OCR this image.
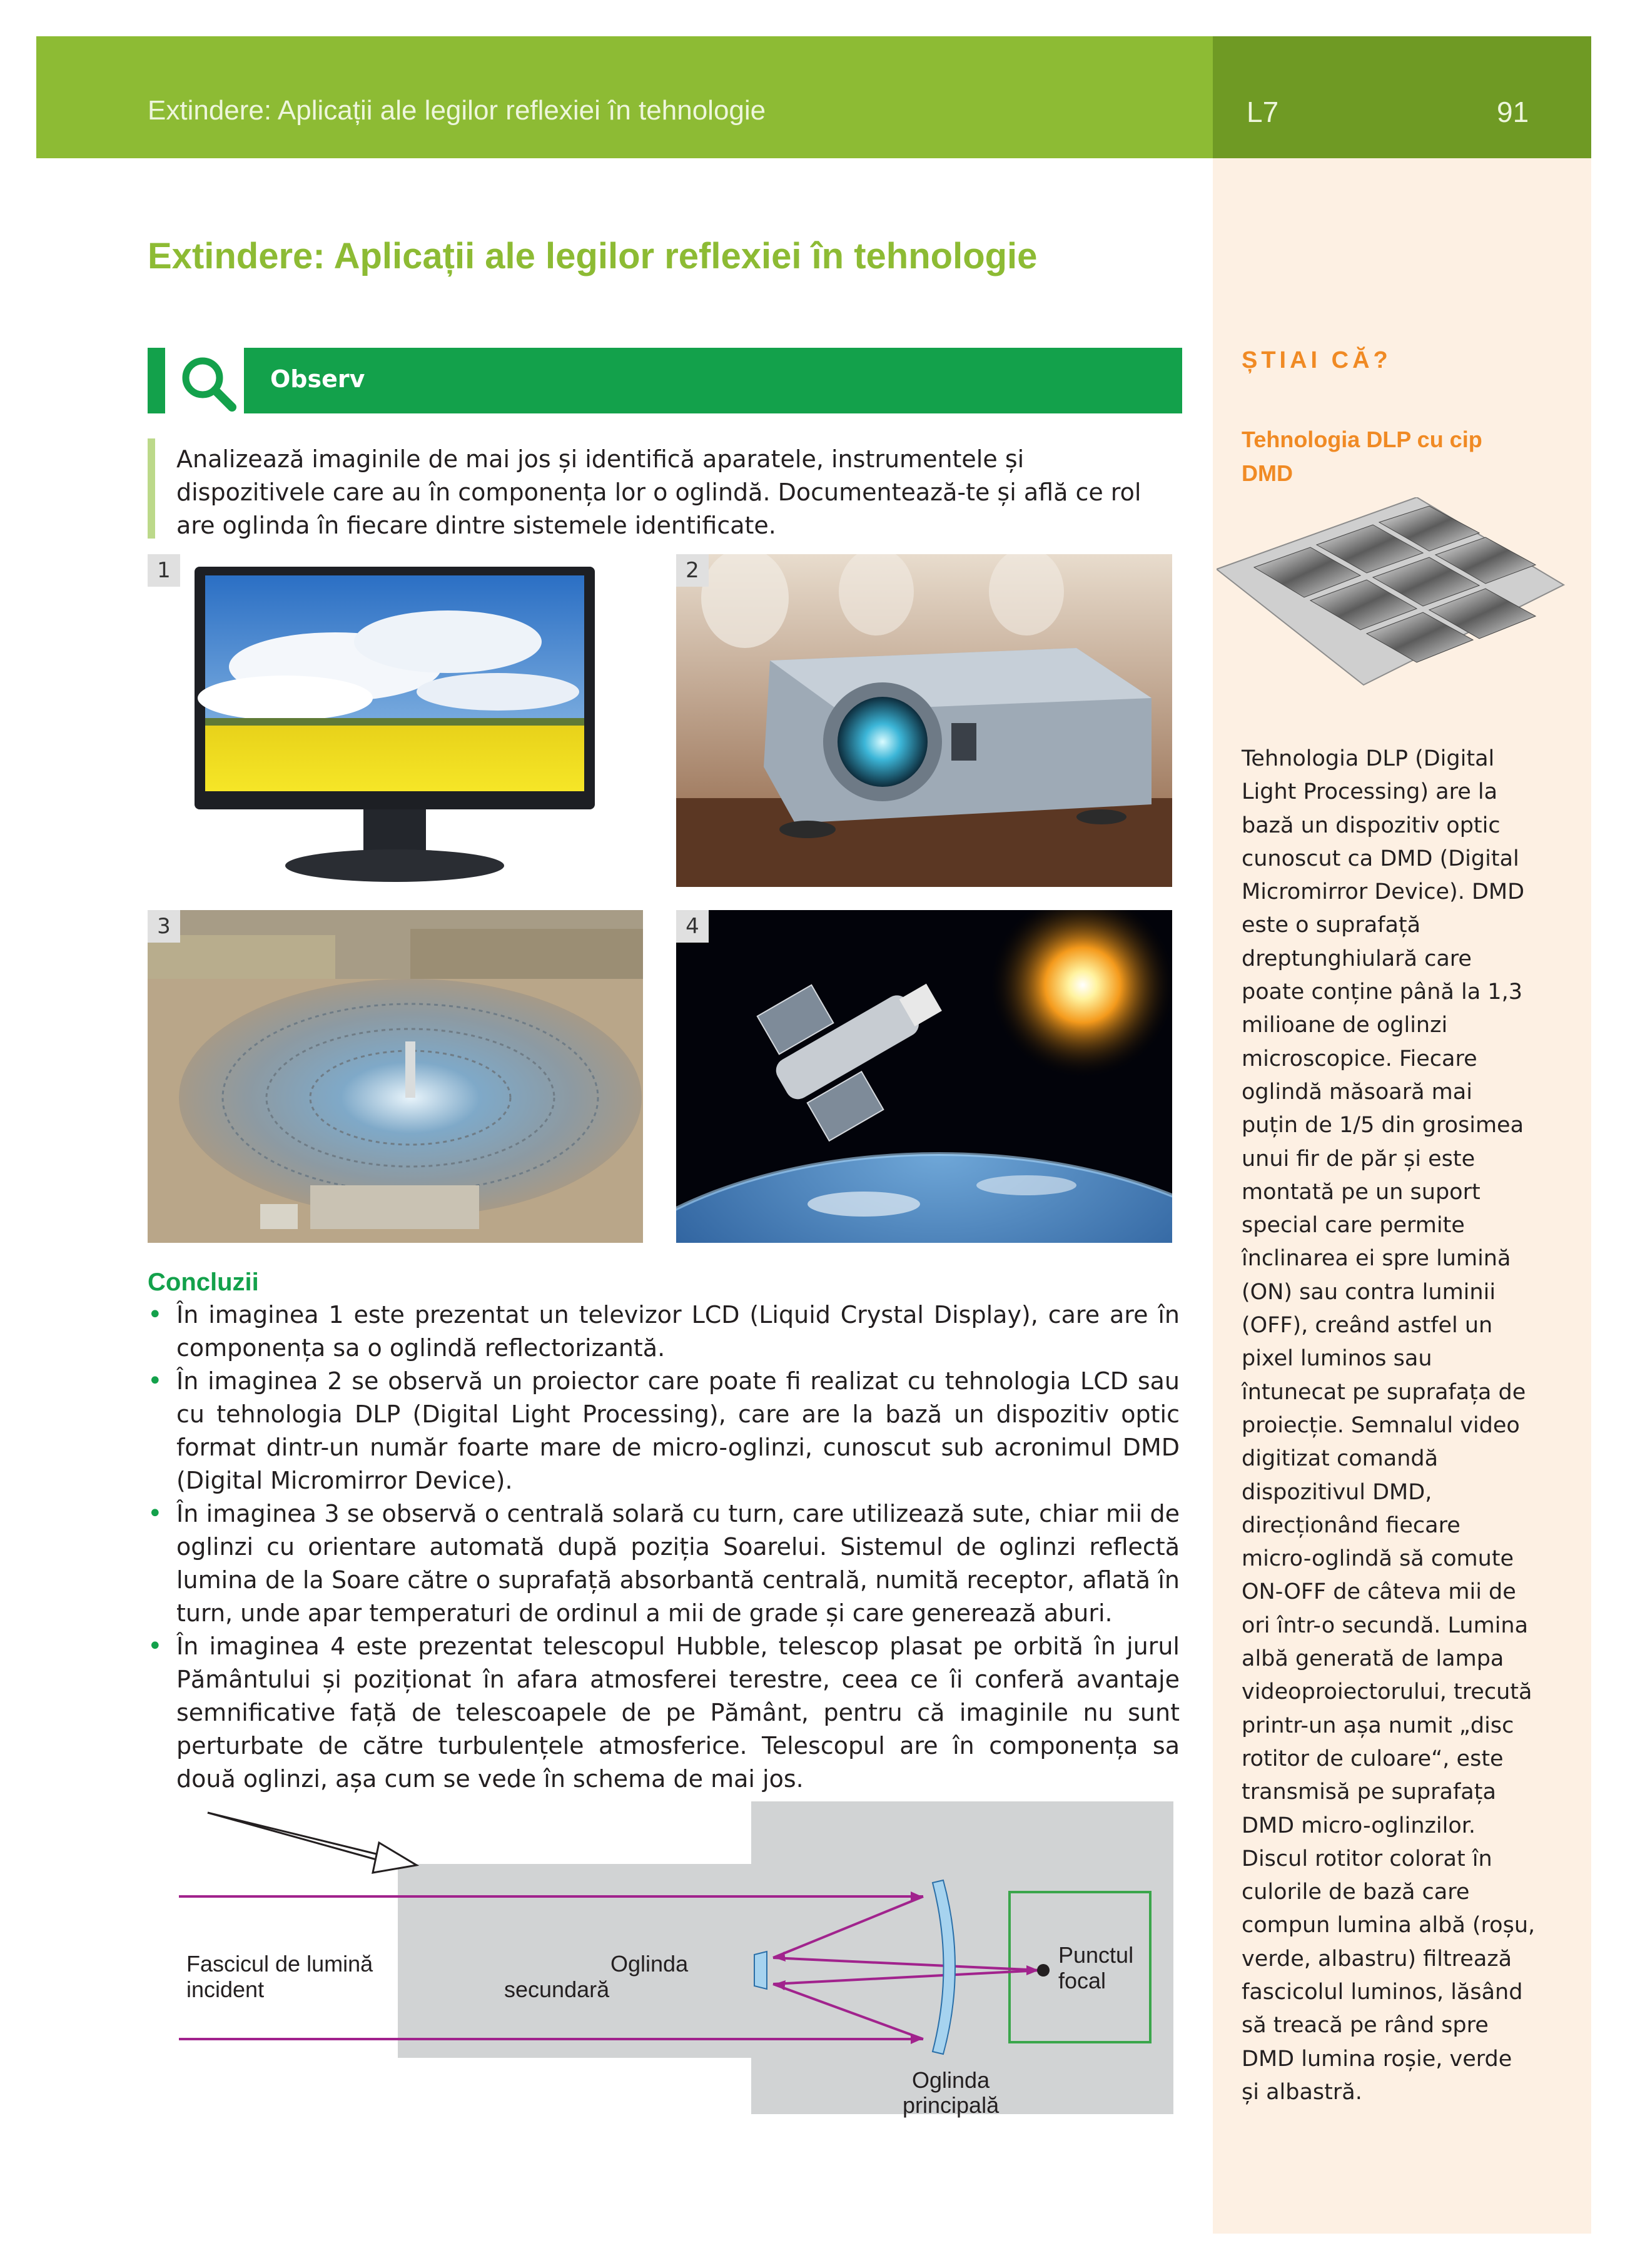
Extindere: Aplicații ale legilor reflexiei în tehnologie	L7	91
Extindere: Aplicații ale legilor reflexiei în tehnologie
Observ
Analizează imaginile de mai jos și identifică aparatele, instrumentele și dispozitivele care au în componența lor o oglindă. Documentează-te și află ce rol are oglinda în fiecare dintre sistemele identificate.
1	2
3	4
Concluzii
• În imaginea 1 este prezentat un televizor LCD (Liquid Crystal Display), care are în componența sa o oglindă reflectorizantă.
• În imaginea 2 se observă un proiector care poate fi realizat cu tehnologia LCD sau cu tehnologia DLP (Digital Light Processing), care are la bază un dispozitiv optic format dintr-un număr foarte mare de micro-oglinzi, cunoscut sub acronimul DMD (Digital Micromirror Device).
• În imaginea 3 se observă o centrală solară cu turn, care utilizează sute, chiar mii de oglinzi cu orientare automată după poziția Soarelui. Sistemul de oglinzi reflectă lumina de la Soare către o suprafață absorbantă centrală, numită receptor, aflată în turn, unde apar temperaturi de ordinul a mii de grade și care generează aburi.
• În imaginea 4 este prezentat telescopul Hubble, telescop plasat pe orbită în jurul Pământului și poziționat în afara atmosferei terestre, ceea ce îi conferă avantaje semnificative față de telescoapele de pe Pământ, pentru că imaginile nu sunt perturbate de către turbulențele atmosferice. Telescopul are în componența sa două oglinzi, așa cum se vede în schema de mai jos.
Fascicul de lumină
incident
Oglinda
secundară
Punctul
focal
Oglinda
principală
ȘTIAI CĂ?
Tehnologia DLP cu cip DMD
Tehnologia DLP (Digital Light Processing) are la bază un dispozitiv optic cunoscut ca DMD (Digital Micromirror Device). DMD este o suprafață dreptunghiulară care poate conține până la 1,3 milioane de oglinzi microscopice. Fiecare oglindă măsoară mai puțin de 1/5 din grosimea unui fir de păr și este montată pe un suport special care permite înclinarea ei spre lumină (ON) sau contra luminii (OFF), creând astfel un pixel luminos sau întunecat pe suprafața de proiecție. Semnalul video digitizat comandă dispozitivul DMD, direcționând fiecare micro-oglindă să comute ON-OFF de câteva mii de ori într-o secundă. Lumina albă generată de lampa videoproiectorului, trecută printr-un așa numit „disc rotitor de culoare“, este transmisă pe suprafața DMD micro-oglinzilor. Discul rotitor colorat în culorile de bază care compun lumina albă (roșu, verde, albastru) filtrează fascicolul luminos, lăsând să treacă pe rând spre DMD lumina roșie, verde și albastră.
